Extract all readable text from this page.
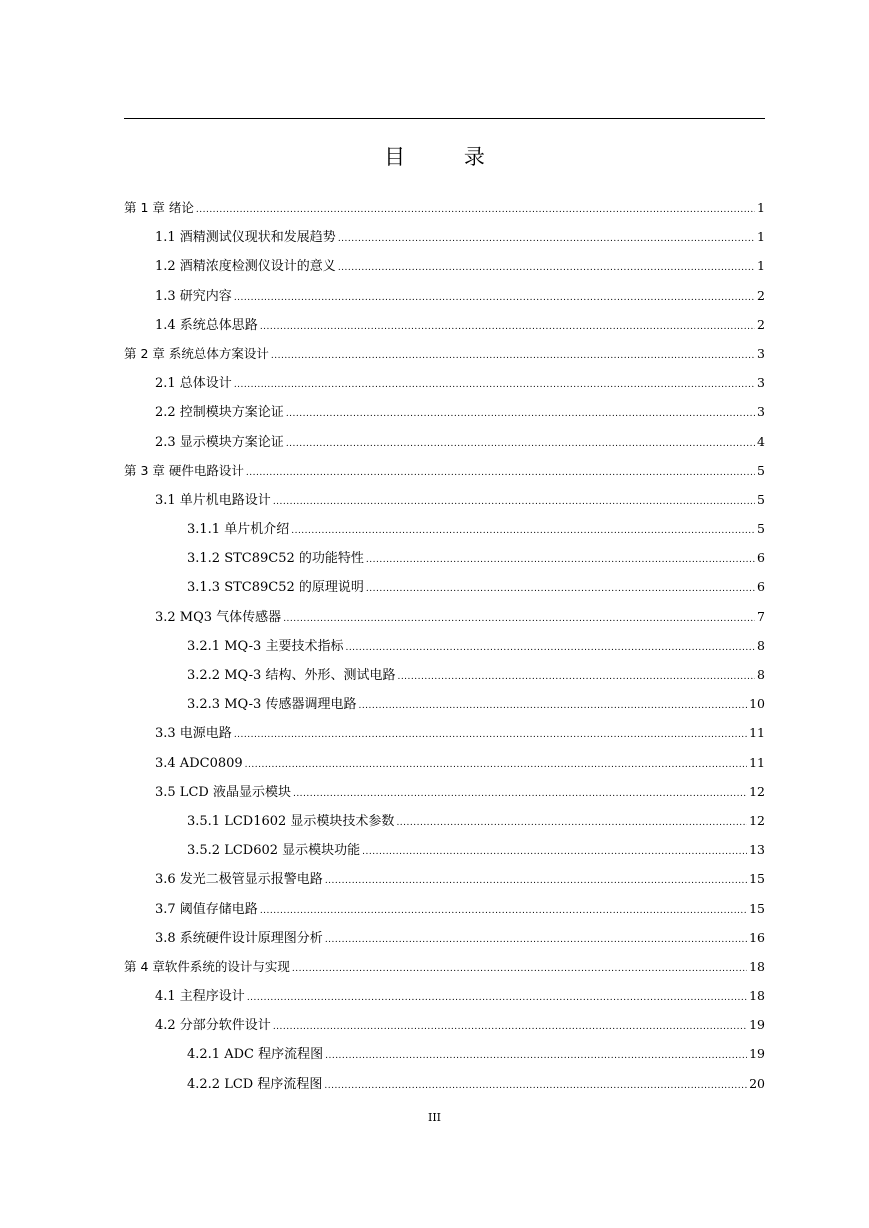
目 录
第 1 章 绪论 .....	1
1.1 酒精测试仪现状和发展趋势 .....	1
1.2 酒精浓度检测仪设计的意义 .....	1
1.3 研究内容 .....	2
1.4 系统总体思路 .....	2
第 2 章 系统总体方案设计 .....	3
2.1 总体设计 .....	3
2.2 控制模块方案论证 .....	3
2.3 显示模块方案论证 .....	4
第 3 章 硬件电路设计 .....	5
3.1 单片机电路设计 .....	5
3.1.1 单片机介绍 .....	5
3.1.2 STC89C52 的功能特性 .....	6
3.1.3 STC89C52 的原理说明 .....	6
3.2 MQ3 气体传感器 .....	7
3.2.1 MQ-3 主要技术指标 .....	8
3.2.2 MQ-3 结构、外形、测试电路 .....	8
3.2.3 MQ-3 传感器调理电路 .....	10
3.3 电源电路 .....	11
3.4 ADC0809 .....	11
3.5 LCD 液晶显示模块 .....	12
3.5.1 LCD1602 显示模块技术参数 .....	12
3.5.2 LCD602 显示模块功能 .....	13
3.6 发光二极管显示报警电路 .....	15
3.7 阈值存储电路 .....	15
3.8 系统硬件设计原理图分析 .....	16
第 4 章软件系统的设计与实现 .....	18
4.1 主程序设计 .....	18
4.2 分部分软件设计 .....	19
4.2.1 ADC 程序流程图 .....	19
4.2.2 LCD 程序流程图 .....	20
III
